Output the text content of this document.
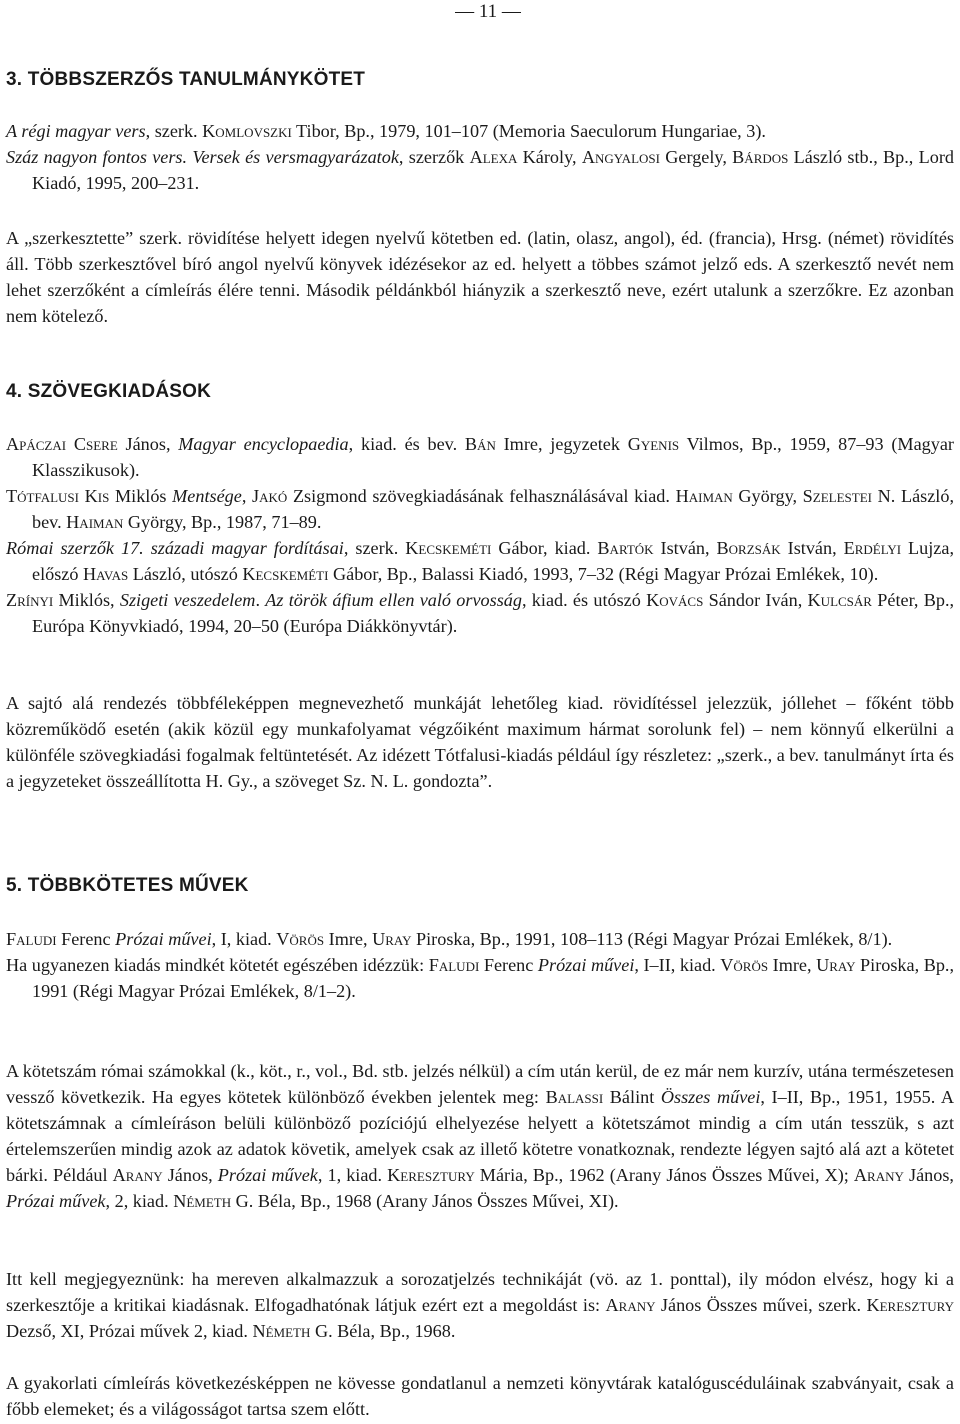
— 11 —
3. TÖBBSZERZŐS TANULMÁNYKÖTET

A régi magyar vers, szerk. Komlovszki Tibor, Bp., 1979, 101–107 (Memoria Saeculorum Hungariae, 3).

Száz nagyon fontos vers. Versek és versmagyarázatok, szerzők Alexa Károly, Angyalosi Gergely, Bárdos László stb., Bp., Lord Kiadó, 1995, 200–231.

A „szerkesztette” szerk. rövidítése helyett idegen nyelvű kötetben ed. (latin, olasz, angol), éd. (francia), Hrsg. (német) rövidítés áll. Több szerkesztővel bíró angol nyelvű könyvek idézésekor az ed. helyett a többes számot jelző eds. A szerkesztő nevét nem lehet szerzőként a címleírás élére tenni. Második példánkból hiányzik a szerkesztő neve, ezért utalunk a szerzőkre. Ez azonban nem kötelező.

4. SZÖVEGKIADÁSOK

Apáczai Csere János, Magyar encyclopaedia, kiad. és bev. Bán Imre, jegyzetek Gyenis Vilmos, Bp., 1959, 87–93 (Magyar Klasszikusok).

Tótfalusi Kis Miklós Mentsége, Jakó Zsigmond szövegkiadásának felhasználásával kiad. Haiman György, Szelestei N. László, bev. Haiman György, Bp., 1987, 71–89.

Római szerzők 17. századi magyar fordításai, szerk. Kecskeméti Gábor, kiad. Bartók István, Borzsák István, Erdélyi Lujza, előszó Havas László, utószó Kecskeméti Gábor, Bp., Balassi Kiadó, 1993, 7–32 (Régi Magyar Prózai Emlékek, 10).

Zrínyi Miklós, Szigeti veszedelem. Az török áfium ellen való orvosság, kiad. és utószó Kovács Sándor Iván, Kulcsár Péter, Bp., Európa Könyvkiadó, 1994, 20–50 (Európa Diákkönyvtár).

A sajtó alá rendezés többféleképpen megnevezhető munkáját lehetőleg kiad. rövidítéssel jelezzük, jóllehet – főként több közreműködő esetén (akik közül egy munkafolyamat végzőiként maximum hármat sorolunk fel) – nem könnyű elkerülni a különféle szövegkiadási fogalmak feltüntetését. Az idézett Tótfalusi-kiadás például így részletez: „szerk., a bev. tanulmányt írta és a jegyzeteket összeállította H. Gy., a szöveget Sz. N. L. gondozta”.

5. TÖBBKÖTETES MŰVEK

Faludi Ferenc Prózai művei, I, kiad. Vörös Imre, Uray Piroska, Bp., 1991, 108–113 (Régi Magyar Prózai Emlékek, 8/1).

Ha ugyanezen kiadás mindkét kötetét egészében idézzük: Faludi Ferenc Prózai művei, I–II, kiad. Vörös Imre, Uray Piroska, Bp., 1991 (Régi Magyar Prózai Emlékek, 8/1–2).

A kötetszám római számokkal (k., köt., r., vol., Bd. stb. jelzés nélkül) a cím után kerül, de ez már nem kurzív, utána természetesen vessző következik. Ha egyes kötetek különböző években jelentek meg: Balassi Bálint Összes művei, I–II, Bp., 1951, 1955. A kötetszámnak a címleíráson belüli különböző pozíciójú elhelyezése helyett a kötetszámot mindig a cím után tesszük, s azt értelemszerűen mindig azok az adatok követik, amelyek csak az illető kötetre vonatkoznak, rendezte légyen sajtó alá azt a kötetet bárki. Például Arany János, Prózai művek, 1, kiad. Keresztury Mária, Bp., 1962 (Arany János Összes Művei, X); Arany János, Prózai művek, 2, kiad. Németh G. Béla, Bp., 1968 (Arany János Összes Művei, XI).

Itt kell megjegyeznünk: ha mereven alkalmazzuk a sorozatjelzés technikáját (vö. az 1. ponttal), ily módon elvész, hogy ki a szerkesztője a kritikai kiadásnak. Elfogadhatónak látjuk ezért ezt a megoldást is: Arany János Összes művei, szerk. Keresztury Dezső, XI, Prózai művek 2, kiad. Németh G. Béla, Bp., 1968.

A gyakorlati címleírás következésképpen ne kövesse gondatlanul a nemzeti könyvtárak katalóguscéduláinak szabványait, csak a főbb elemeket; és a világosságot tartsa szem előtt.
